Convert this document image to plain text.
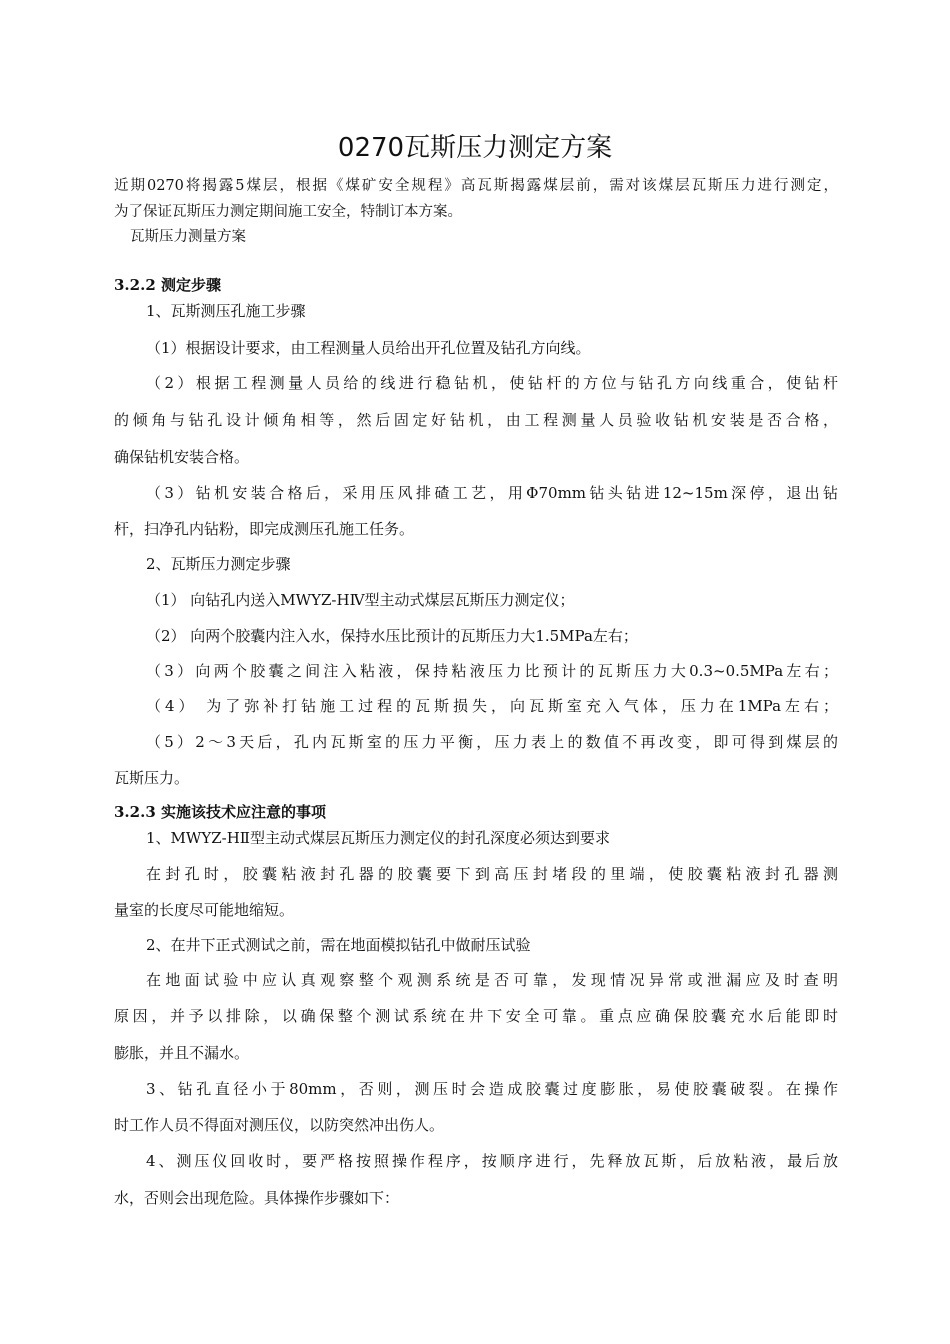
0270瓦斯压力测定方案
近期0270将揭露5煤层，根据《煤矿安全规程》高瓦斯揭露煤层前，需对该煤层瓦斯压力进行测定，
为了保证瓦斯压力测定期间施工安全，特制订本方案。
瓦斯压力测量方案
3.2.2 测定步骤
1、瓦斯测压孔施工步骤
（1）根据设计要求，由工程测量人员给出开孔位置及钻孔方向线。
（2）根据工程测量人员给的线进行稳钻机，使钻杆的方位与钻孔方向线重合，使钻杆
的倾角与钻孔设计倾角相等，然后固定好钻机，由工程测量人员验收钻机安装是否合格，
确保钻机安装合格。
（3）钻机安装合格后，采用压风排碴工艺，用Φ70mm钻头钻进12~15m深停，退出钻
杆，扫净孔内钻粉，即完成测压孔施工任务。
2、瓦斯压力测定步骤
（1） 向钻孔内送入MWYZ-HⅣ型主动式煤层瓦斯压力测定仪；
（2） 向两个胶囊内注入水，保持水压比预计的瓦斯压力大1.5MPa左右；
（3）向两个胶囊之间注入粘液，保持粘液压力比预计的瓦斯压力大0.3~0.5MPa左右；
（4） 为了弥补打钻施工过程的瓦斯损失，向瓦斯室充入气体，压力在1MPa左右；
（5）2～3天后，孔内瓦斯室的压力平衡，压力表上的数值不再改变，即可得到煤层的
瓦斯压力。
3.2.3 实施该技术应注意的事项
1、MWYZ-HⅡ型主动式煤层瓦斯压力测定仪的封孔深度必须达到要求
在封孔时，胶囊粘液封孔器的胶囊要下到高压封堵段的里端，使胶囊粘液封孔器测
量室的长度尽可能地缩短。
2、在井下正式测试之前，需在地面模拟钻孔中做耐压试验
在地面试验中应认真观察整个观测系统是否可靠，发现情况异常或泄漏应及时查明
原因，并予以排除，以确保整个测试系统在井下安全可靠。重点应确保胶囊充水后能即时
膨胀，并且不漏水。
3、钻孔直径小于80mm，否则，测压时会造成胶囊过度膨胀，易使胶囊破裂。在操作
时工作人员不得面对测压仪，以防突然冲出伤人。
4、测压仪回收时，要严格按照操作程序，按顺序进行，先释放瓦斯，后放粘液，最后放
水，否则会出现危险。具体操作步骤如下：
